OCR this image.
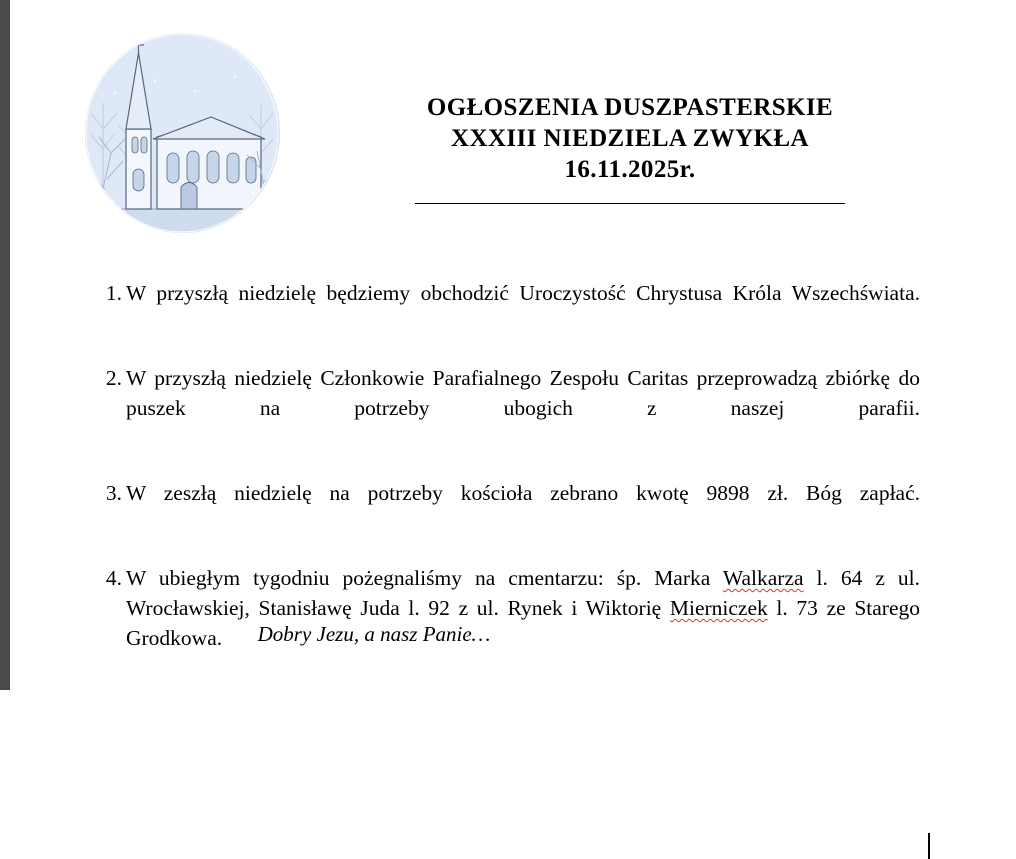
OGŁOSZENIA DUSZPASTERSKIE
XXXIII NIEDZIELA ZWYKŁA
16.11.2025r.
1. W przyszłą niedzielę będziemy obchodzić Uroczystość Chrystusa Króla Wszechświata.
2. W przyszłą niedzielę Członkowie Parafialnego Zespołu Caritas przeprowadzą zbiórkę do puszek na potrzeby ubogich z naszej parafii.
3. W zeszłą niedzielę na potrzeby kościoła zebrano kwotę 9898 zł. Bóg zapłać.
4. W ubiegłym tygodniu pożegnaliśmy na cmentarzu: śp. Marka Walkarza l. 64 z ul. Wrocławskiej, Stanisławę Juda l. 92 z ul. Rynek i Wiktorię Mierniczek l. 73 ze Starego Grodkowa.	Dobry Jezu, a nasz Panie…
